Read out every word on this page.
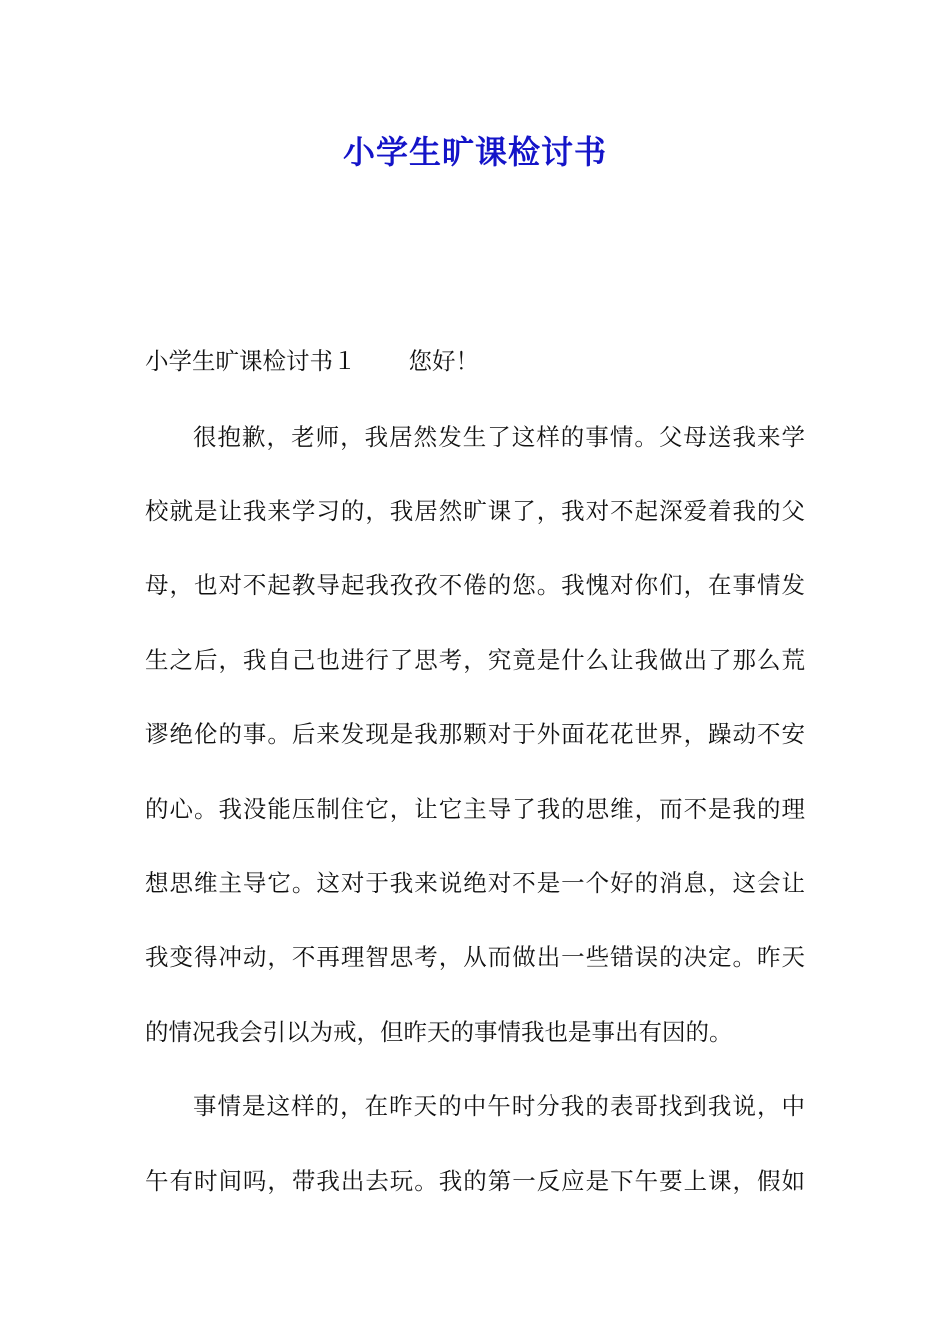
小学生旷课检讨书
小学生旷课检讨书１ 您好！
很抱歉，老师，我居然发生了这样的事情。父母送我来学
校就是让我来学习的，我居然旷课了，我对不起深爱着我的父
母，也对不起教导起我孜孜不倦的您。我愧对你们，在事情发
生之后，我自己也进行了思考，究竟是什么让我做出了那么荒
谬绝伦的事。后来发现是我那颗对于外面花花世界，躁动不安
的心。我没能压制住它，让它主导了我的思维，而不是我的理
想思维主导它。这对于我来说绝对不是一个好的消息，这会让
我变得冲动，不再理智思考，从而做出一些错误的决定。昨天
的情况我会引以为戒，但昨天的事情我也是事出有因的。
事情是这样的，在昨天的中午时分我的表哥找到我说，中
午有时间吗，带我出去玩。我的第一反应是下午要上课，假如
